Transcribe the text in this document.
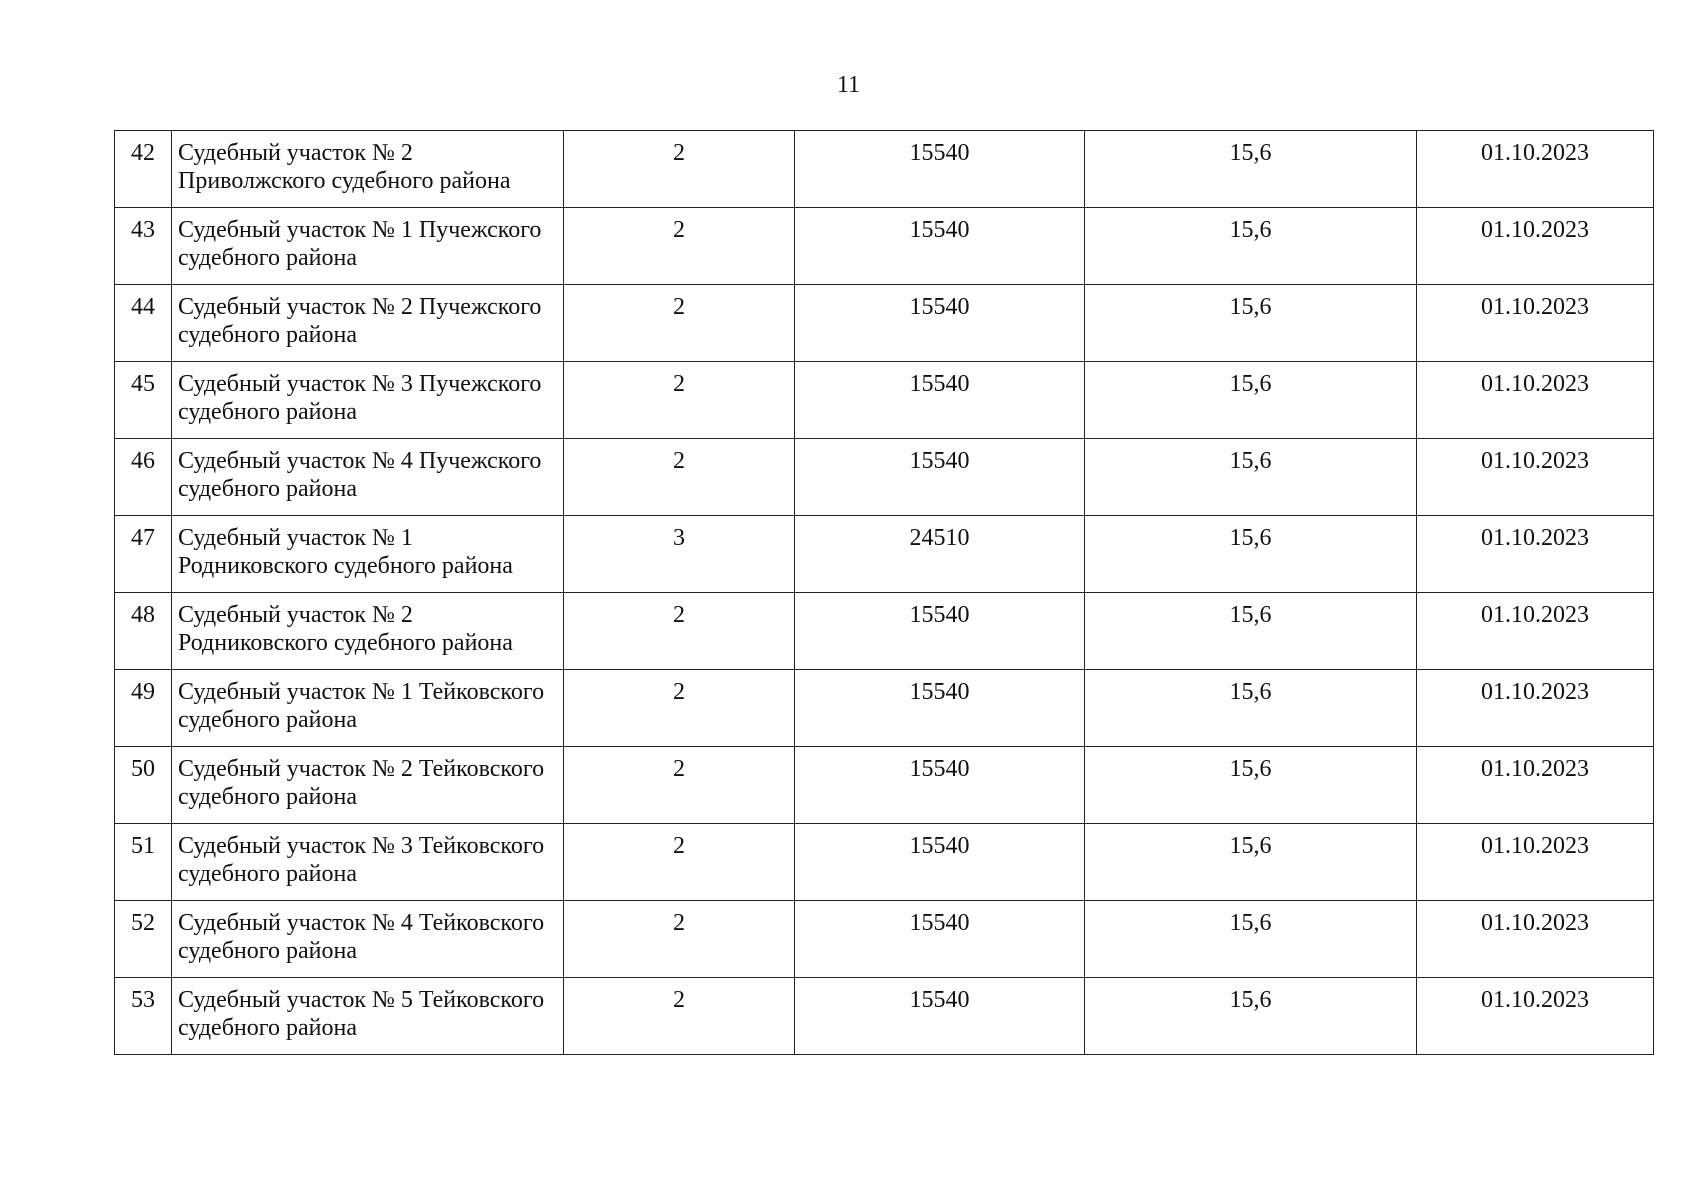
11
42	Судебный участок № 2 Приволжского судебного района	2	15540	15,6	01.10.2023
43	Судебный участок № 1 Пучежского судебного района	2	15540	15,6	01.10.2023
44	Судебный участок № 2 Пучежского судебного района	2	15540	15,6	01.10.2023
45	Судебный участок № 3 Пучежского судебного района	2	15540	15,6	01.10.2023
46	Судебный участок № 4 Пучежского судебного района	2	15540	15,6	01.10.2023
47	Судебный участок № 1 Родниковского судебного района	3	24510	15,6	01.10.2023
48	Судебный участок № 2 Родниковского судебного района	2	15540	15,6	01.10.2023
49	Судебный участок № 1 Тейковского судебного района	2	15540	15,6	01.10.2023
50	Судебный участок № 2 Тейковского судебного района	2	15540	15,6	01.10.2023
51	Судебный участок № 3 Тейковского судебного района	2	15540	15,6	01.10.2023
52	Судебный участок № 4 Тейковского судебного района	2	15540	15,6	01.10.2023
53	Судебный участок № 5 Тейковского судебного района	2	15540	15,6	01.10.2023
